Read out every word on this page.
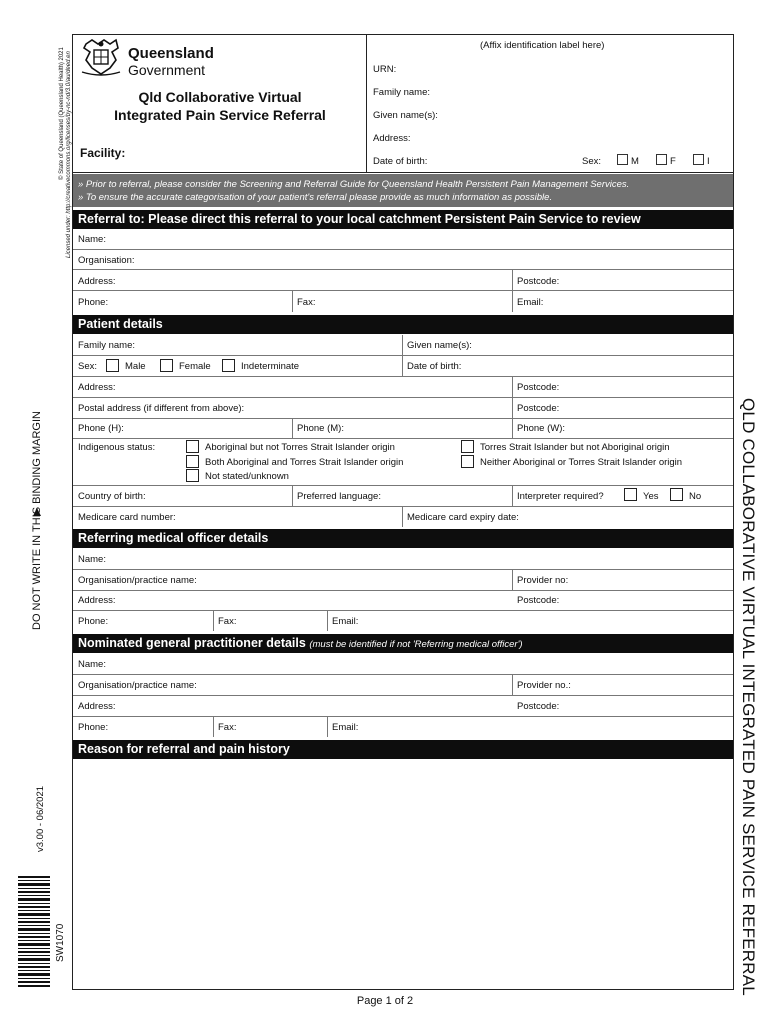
© State of Queensland (Queensland Health) 2021 Licensed under: http://creativecommons.org/licenses/by-nc-nd/3.0/au/deed.en
DO NOT WRITE IN THIS BINDING MARGIN
v3.00 - 06/2021
SW1070	QLD COLLABORATIVE VIRTUAL INTEGRATED PAIN SERVICE REFERRAL
Queensland
Government
Qld Collaborative Virtual
Integrated Pain Service Referral
Facility:
(Affix identification label here)
URN:
Family name:
Given name(s):
Address:
Date of birth:	Sex:	M	F	I
» Prior to referral, please consider the Screening and Referral Guide for Queensland Health Persistent Pain Management Services.
» To ensure the accurate categorisation of your patient's referral please provide as much information as possible.
Referral to: Please direct this referral to your local catchment Persistent Pain Service to review
Name:
Organisation:
Address:	Postcode:
Phone:	Fax:	Email:
Patient details
Family name:	Given name(s):
Sex:	Male	Female	Indeterminate	Date of birth:
Address:	Postcode:
Postal address (if different from above):	Postcode:
Phone (H):	Phone (M):	Phone (W):
Indigenous status:	Aboriginal but not Torres Strait Islander origin	Torres Strait Islander but not Aboriginal origin
Both Aboriginal and Torres Strait Islander origin	Neither Aboriginal or Torres Strait Islander origin
Not stated/unknown
Country of birth:	Preferred language:	Interpreter required?	Yes	No
Medicare card number:	Medicare card expiry date:
Referring medical officer details
Name:
Organisation/practice name:	Provider no:
Address:	Postcode:
Phone:	Fax:	Email:
Nominated general practitioner details (must be identified if not 'Referring medical officer')
Name:
Organisation/practice name:	Provider no.:
Address:	Postcode:
Phone:	Fax:	Email:
Reason for referral and pain history
Page 1 of 2
